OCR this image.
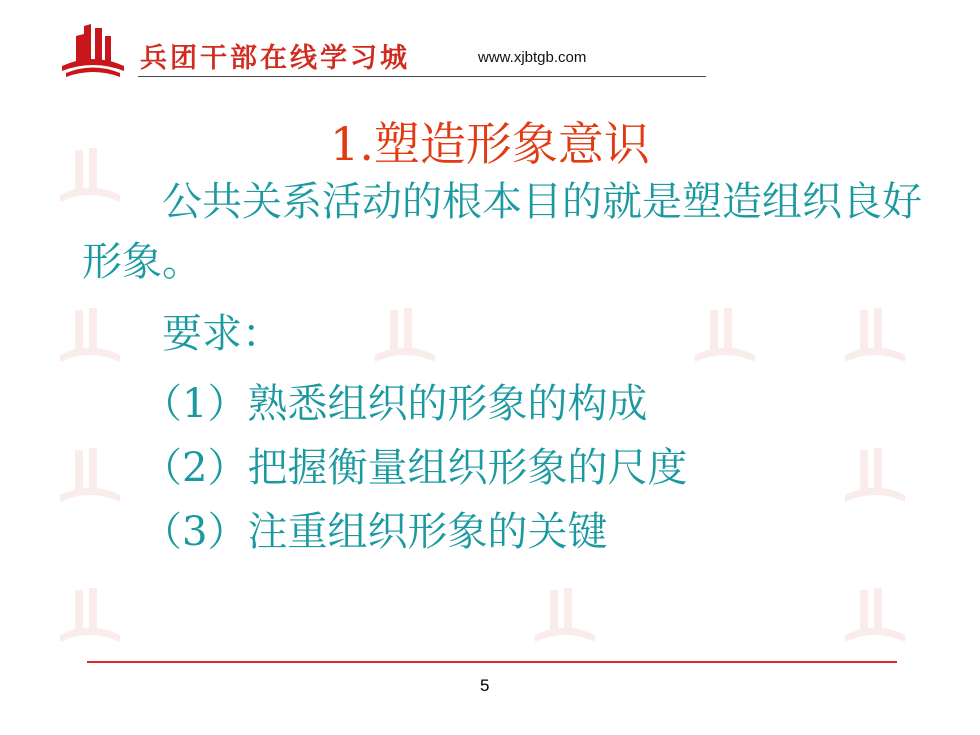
兵团干部在线学习城	www.xjbtgb.com
1.塑造形象意识
公共关系活动的根本目的就是塑造组织良好形象。
要求：
（1）熟悉组织的形象的构成
（2）把握衡量组织形象的尺度
（3）注重组织形象的关键
5
